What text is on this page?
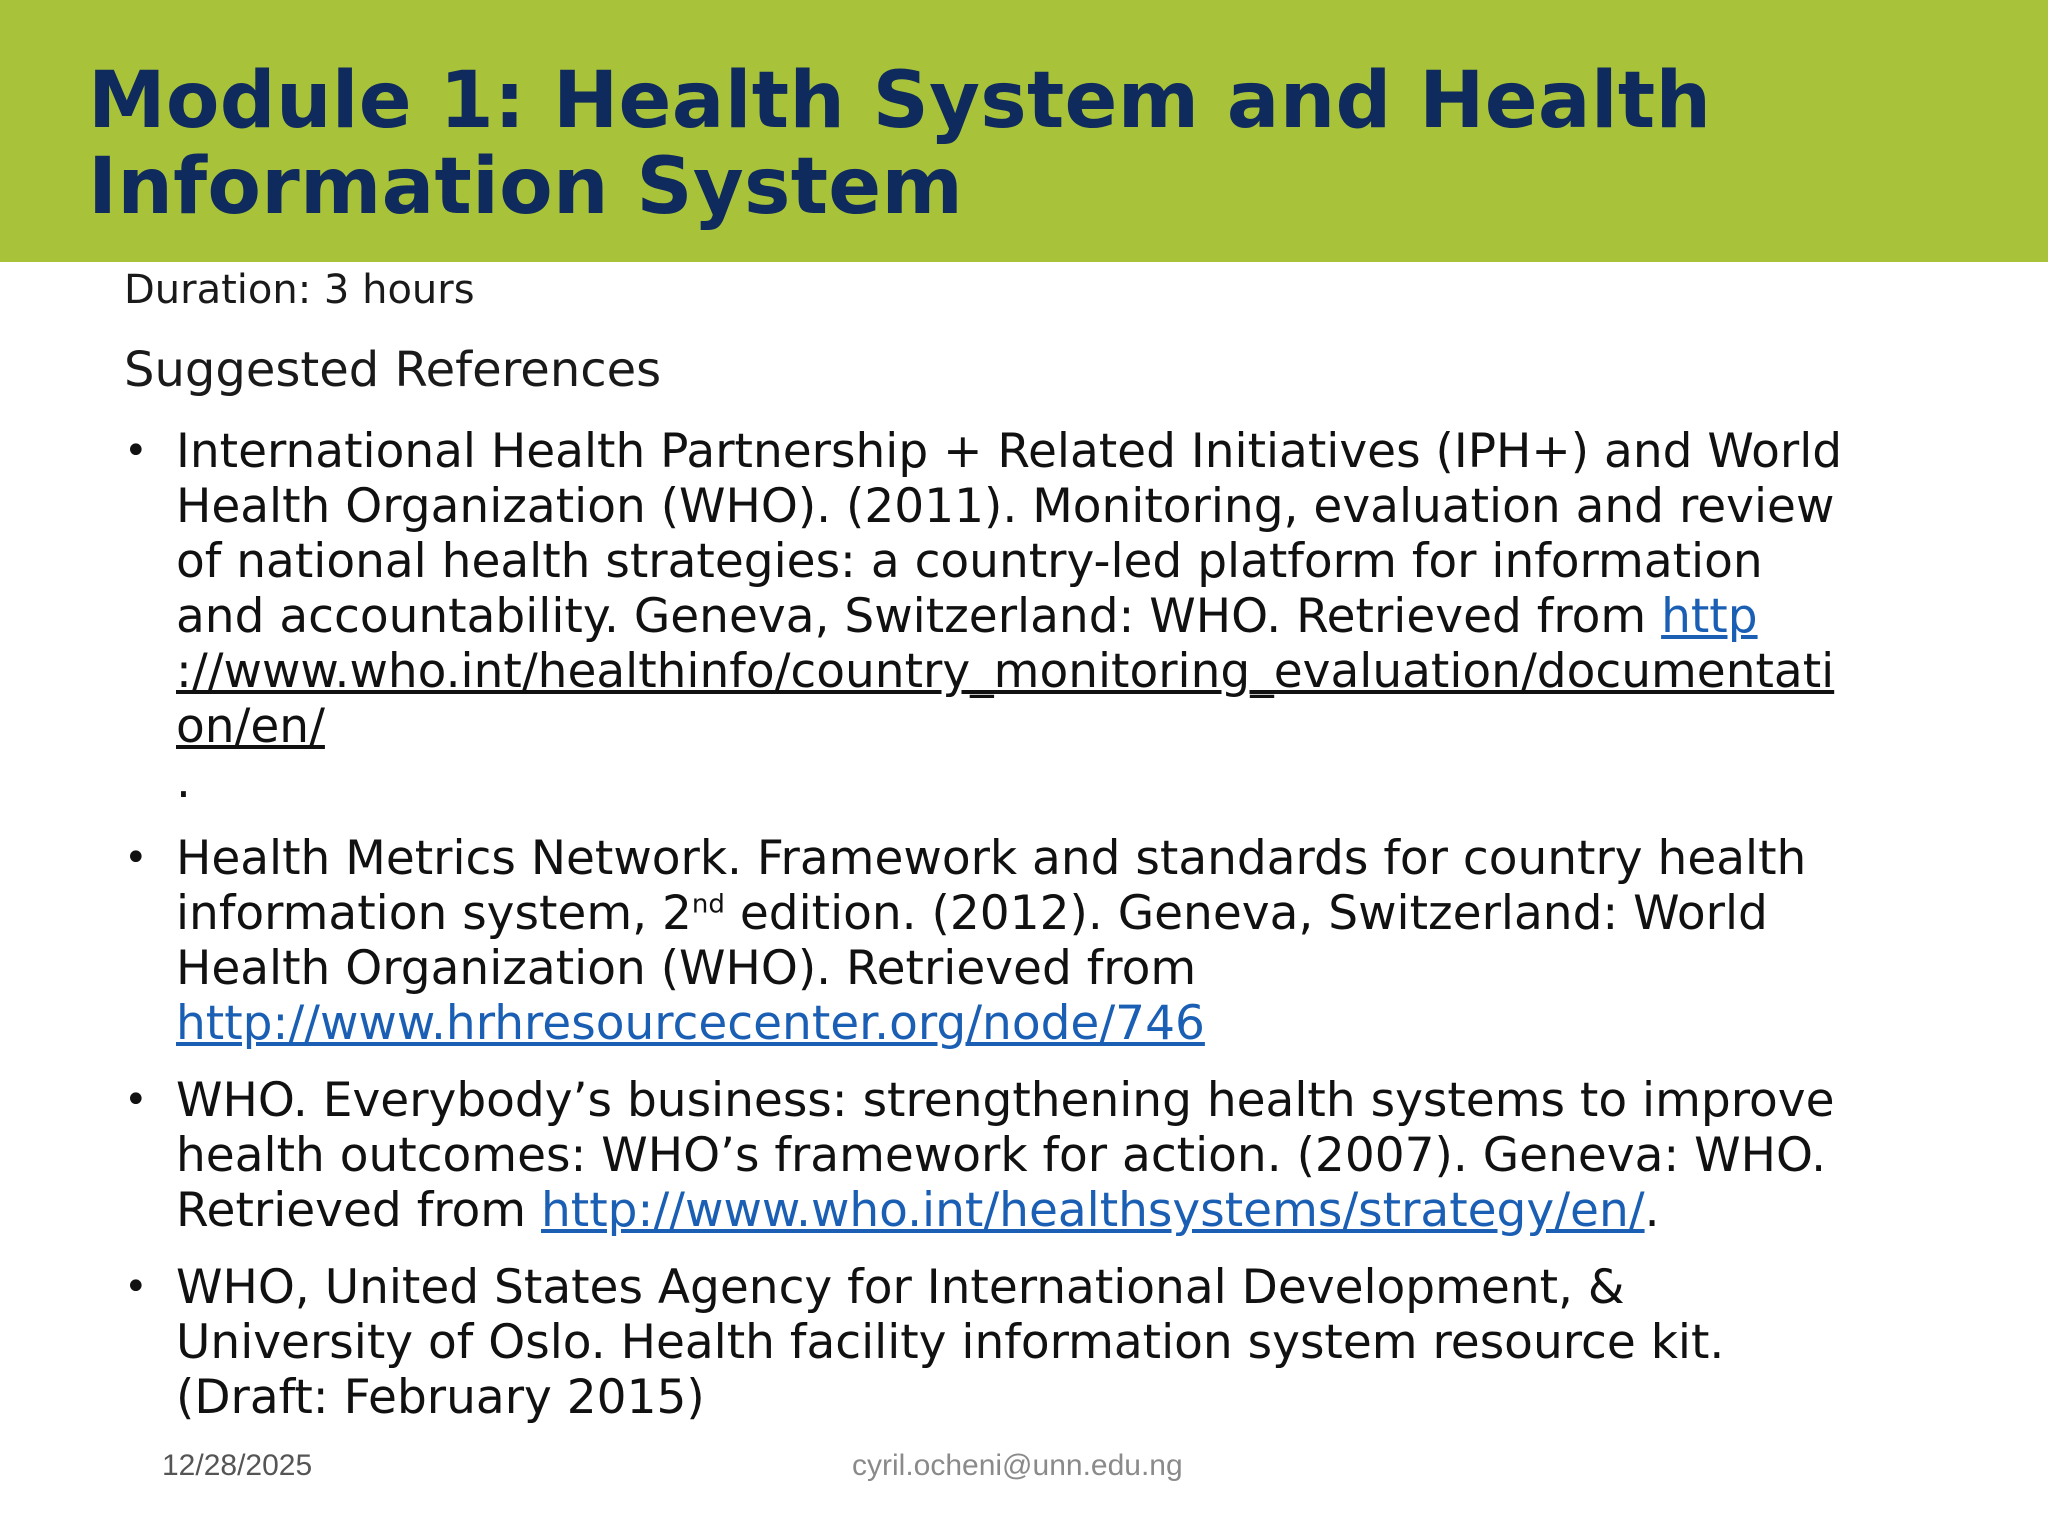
Module 1: Health System and Health Information System
Duration: 3 hours
Suggested References
• International Health Partnership + Related Initiatives (IPH+) and World Health Organization (WHO). (2011). Monitoring, evaluation and review of national health strategies: a country-led platform for information and accountability. Geneva, Switzerland: WHO. Retrieved from http
://www.who.int/healthinfo/country_monitoring_evaluation/documentation/en/
.
• Health Metrics Network. Framework and standards for country health information system, 2nd edition. (2012). Geneva, Switzerland: World Health Organization (WHO). Retrieved from http://www.hrhresourcecenter.org/node/746
• WHO. Everybody’s business: strengthening health systems to improve health outcomes: WHO’s framework for action. (2007). Geneva: WHO. Retrieved from http://www.who.int/healthsystems/strategy/en/.
• WHO, United States Agency for International Development, & University of Oslo. Health facility information system resource kit. (Draft: February 2015)
12/28/2025	cyril.ocheni@unn.edu.ng
